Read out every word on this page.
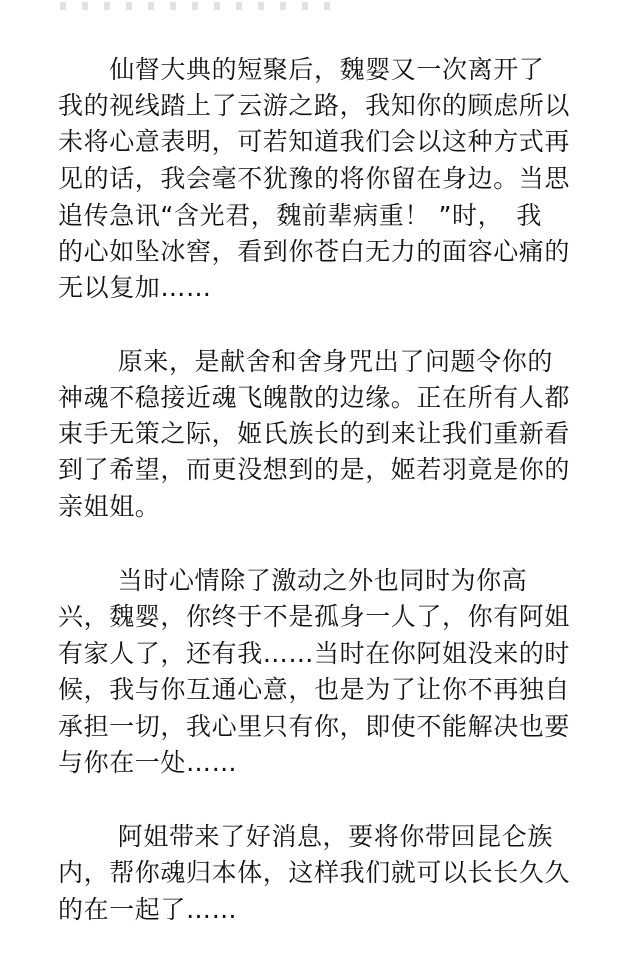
　　仙督大典的短聚后，魏婴又一次离开了
我的视线踏上了云游之路，我知你的顾虑所以
未将心意表明，可若知道我们会以这种方式再
见的话，我会毫不犹豫的将你留在身边。当思
追传急讯“含光君，魏前辈病重！ ”时，　我
的心如坠冰窖，看到你苍白无力的面容心痛的
无以复加……
　　 原来，是献舍和舍身咒出了问题令你的
神魂不稳接近魂飞魄散的边缘。正在所有人都
束手无策之际，姬氏族长的到来让我们重新看
到了希望，而更没想到的是，姬若羽竟是你的
亲姐姐。
　　 当时心情除了激动之外也同时为你高
兴，魏婴，你终于不是孤身一人了，你有阿姐
有家人了，还有我……当时在你阿姐没来的时
候，我与你互通心意，也是为了让你不再独自
承担一切，我心里只有你，即使不能解决也要
与你在一处……
　　 阿姐带来了好消息，要将你带回昆仑族
内，帮你魂归本体，这样我们就可以长长久久
的在一起了……
